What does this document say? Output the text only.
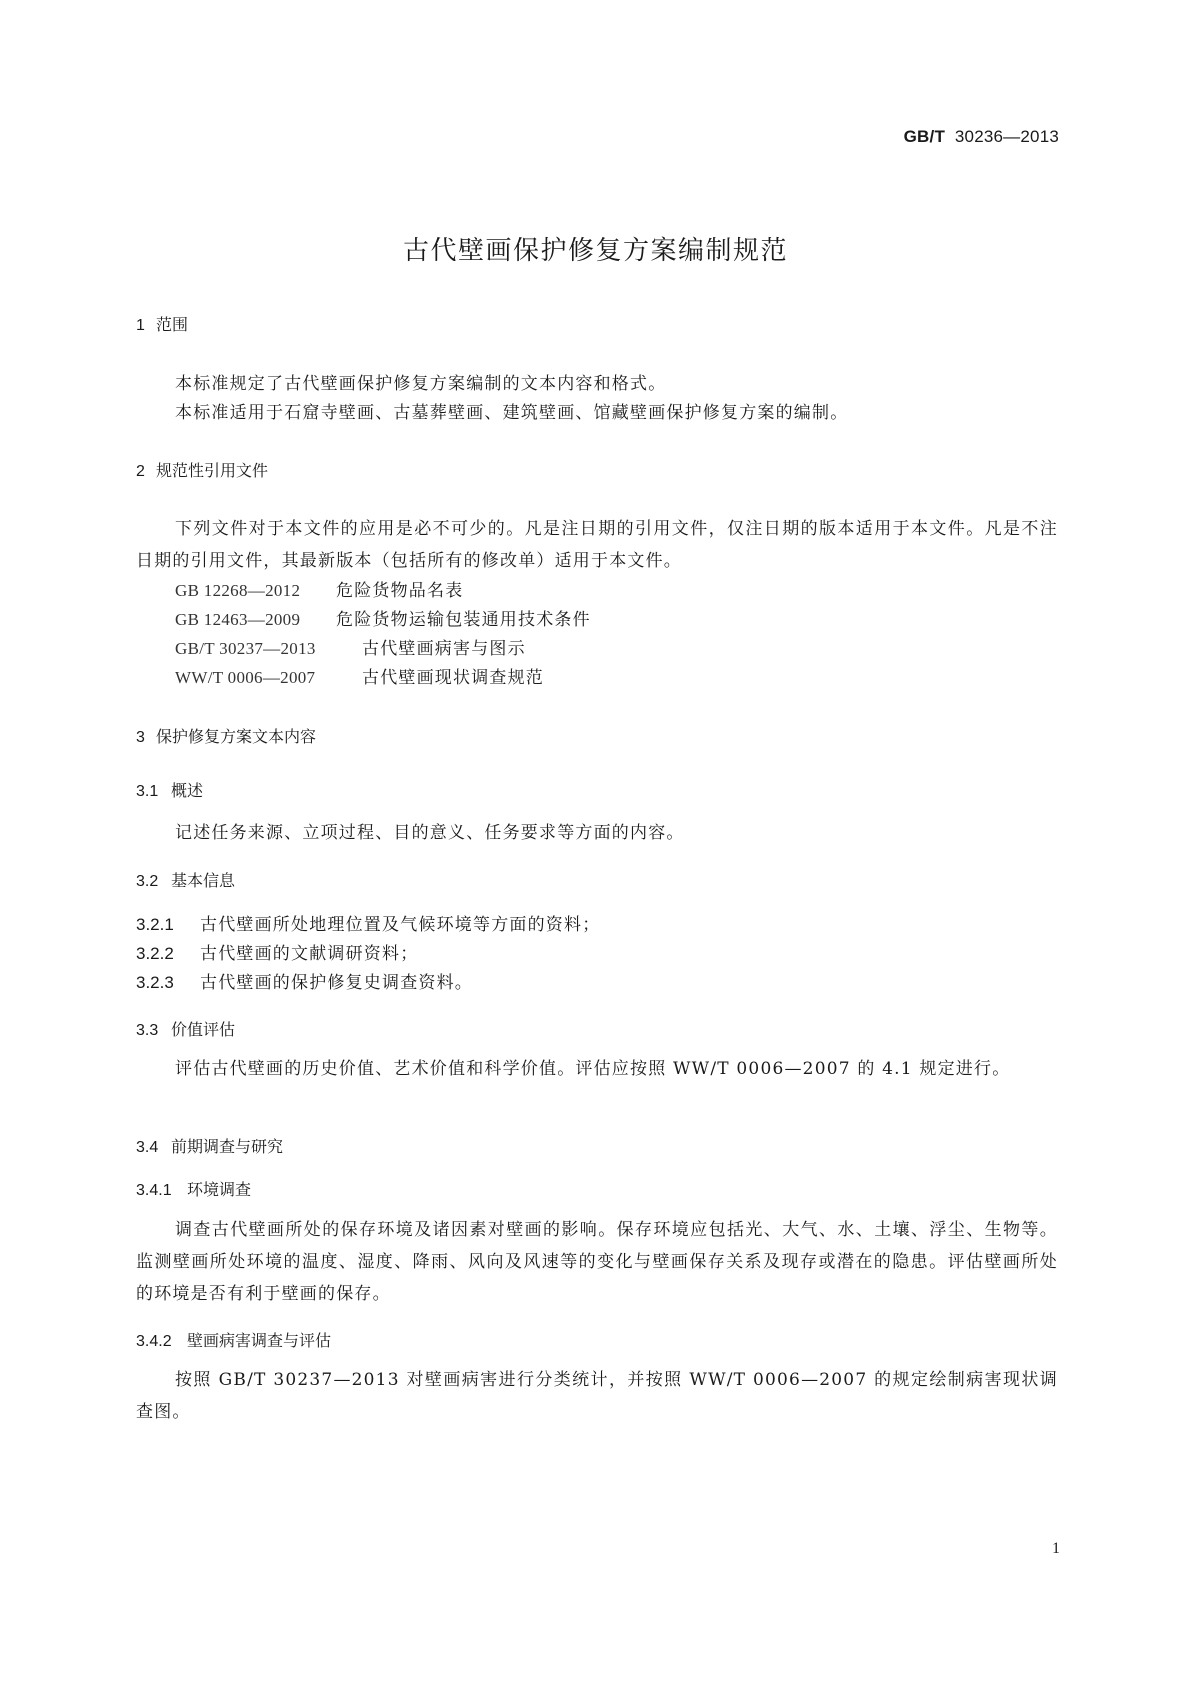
GB/T 30236—2013
古代壁画保护修复方案编制规范
1 范围

本标准规定了古代壁画保护修复方案编制的文本内容和格式。

本标准适用于石窟寺壁画、古墓葬壁画、建筑壁画、馆藏壁画保护修复方案的编制。

2 规范性引用文件

下列文件对于本文件的应用是必不可少的。凡是注日期的引用文件，仅注日期的版本适用于本文件。凡是不注日期的引用文件，其最新版本（包括所有的修改单）适用于本文件。

GB 12268—2012 危险货物品名表

GB 12463—2009 危险货物运输包装通用技术条件

GB/T 30237—2013	古代壁画病害与图示

WW/T 0006—2007	古代壁画现状调查规范

3 保护修复方案文本内容
3.1 概述

记述任务来源、立项过程、目的意义、任务要求等方面的内容。

3.2 基本信息

3.2.1 古代壁画所处地理位置及气候环境等方面的资料；

3.2.2 古代壁画的文献调研资料；

3.2.3 古代壁画的保护修复史调查资料。

3.3 价值评估

评估古代壁画的历史价值、艺术价值和科学价值。评估应按照 WW/T 0006—2007 的 4.1 规定进行。

3.4 前期调查与研究
3.4.1 环境调查

调查古代壁画所处的保存环境及诸因素对壁画的影响。保存环境应包括光、大气、水、土壤、浮尘、生物等。监测壁画所处环境的温度、湿度、降雨、风向及风速等的变化与壁画保存关系及现存或潜在的隐患。评估壁画所处的环境是否有利于壁画的保存。

3.4.2 壁画病害调查与评估

按照 GB/T 30237—2013 对壁画病害进行分类统计，并按照 WW/T 0006—2007 的规定绘制病害现状调查图。

1
